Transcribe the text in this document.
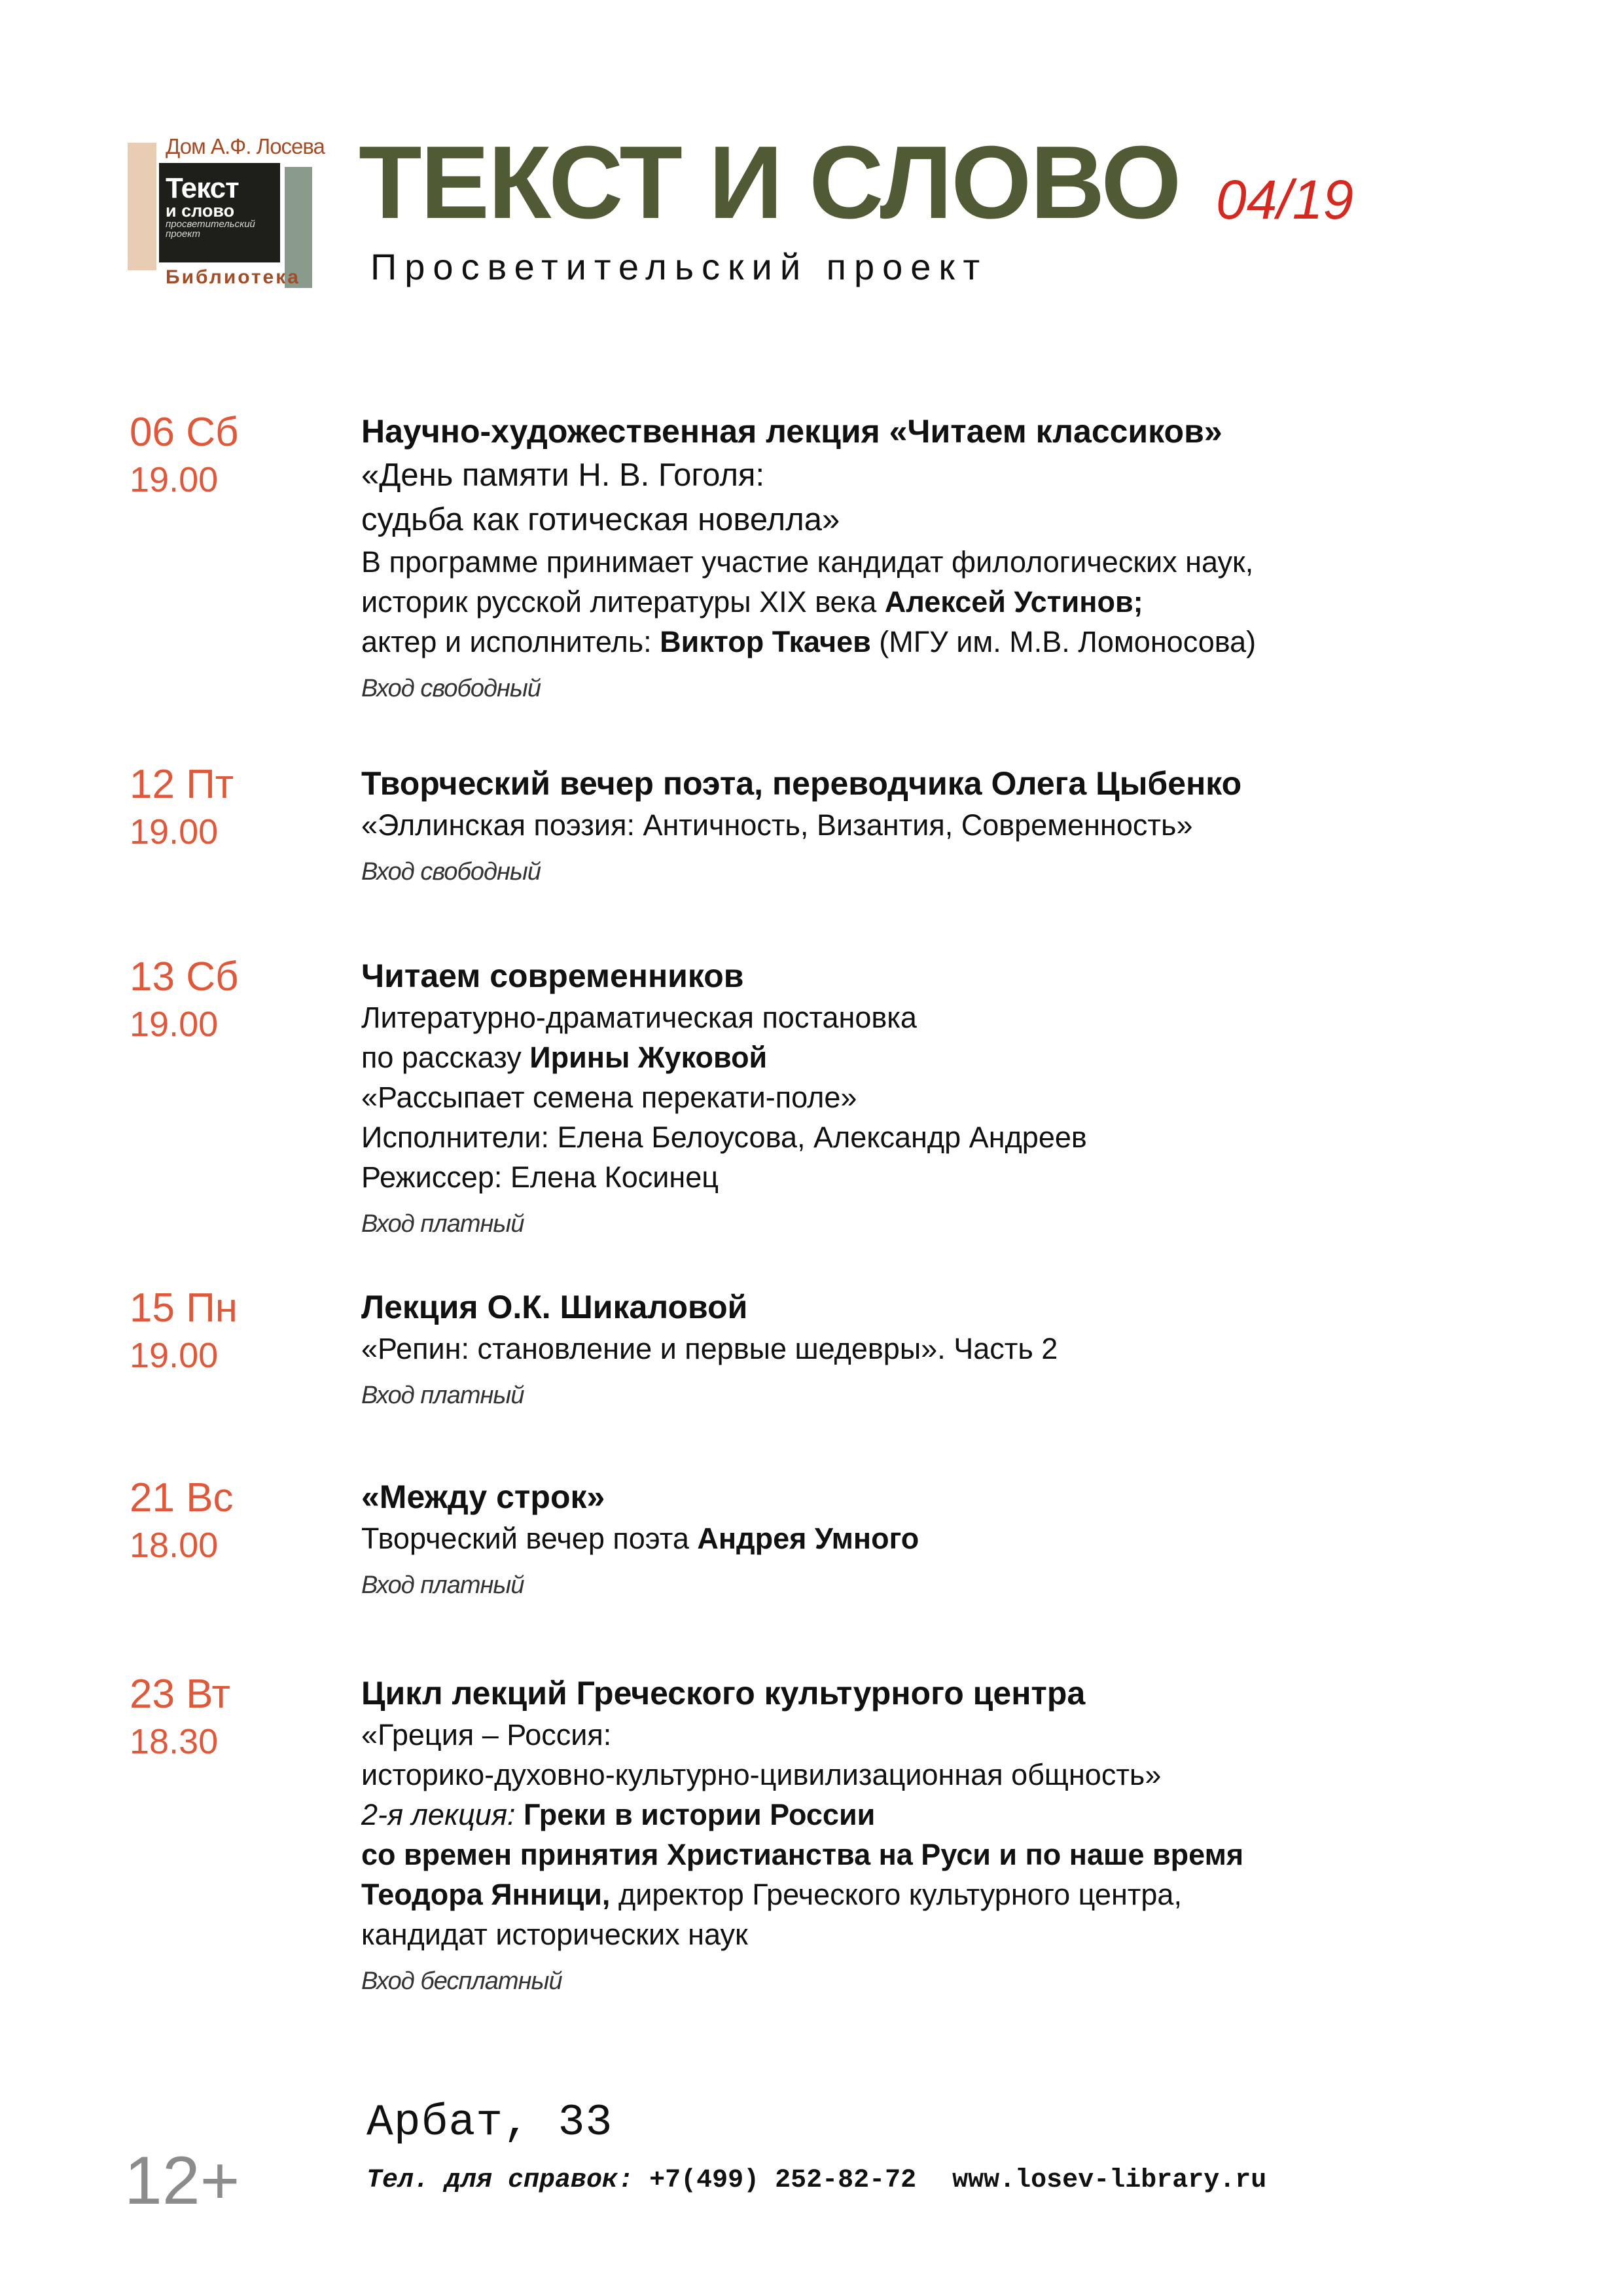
Дом А.Ф. Лосева
Текст
и слово
просветительский проект
Библиотека
ТЕКСТ И СЛОВО 04/19
Просветительский проект
06 Сб
19.00
Научно-художественная лекция «Читаем классиков»
«День памяти Н. В. Гоголя:
судьба как готическая новелла»
В программе принимает участие кандидат филологических наук,
историк русской литературы XIX века Алексей Устинов;
актер и исполнитель: Виктор Ткачев (МГУ им. М.В. Ломоносова)
Вход свободный
12 Пт
19.00
Творческий вечер поэта, переводчика Олега Цыбенко
«Эллинская поэзия: Античность, Византия, Современность»
Вход свободный
13 Сб
19.00
Читаем современников
Литературно-драматическая постановка
по рассказу Ирины Жуковой
«Рассыпает семена перекати-поле»
Исполнители: Елена Белоусова, Александр Андреев
Режиссер: Елена Косинец
Вход платный
15 Пн
19.00
Лекция О.К. Шикаловой
«Репин: становление и первые шедевры». Часть 2
Вход платный
21 Вс
18.00
«Между строк»
Творческий вечер поэта Андрея Умного
Вход платный
23 Вт
18.30
Цикл лекций Греческого культурного центра
«Греция – Россия:
историко-духовно-культурно-цивилизационная общность»
2-я лекция: Греки в истории России
со времен принятия Христианства на Руси и по наше время
Теодора Янници, директор Греческого культурного центра,
кандидат исторических наук
Вход бесплатный
12+
Арбат, 33
Тел. для справок: +7(499) 252-82-72 www.losev-library.ru
